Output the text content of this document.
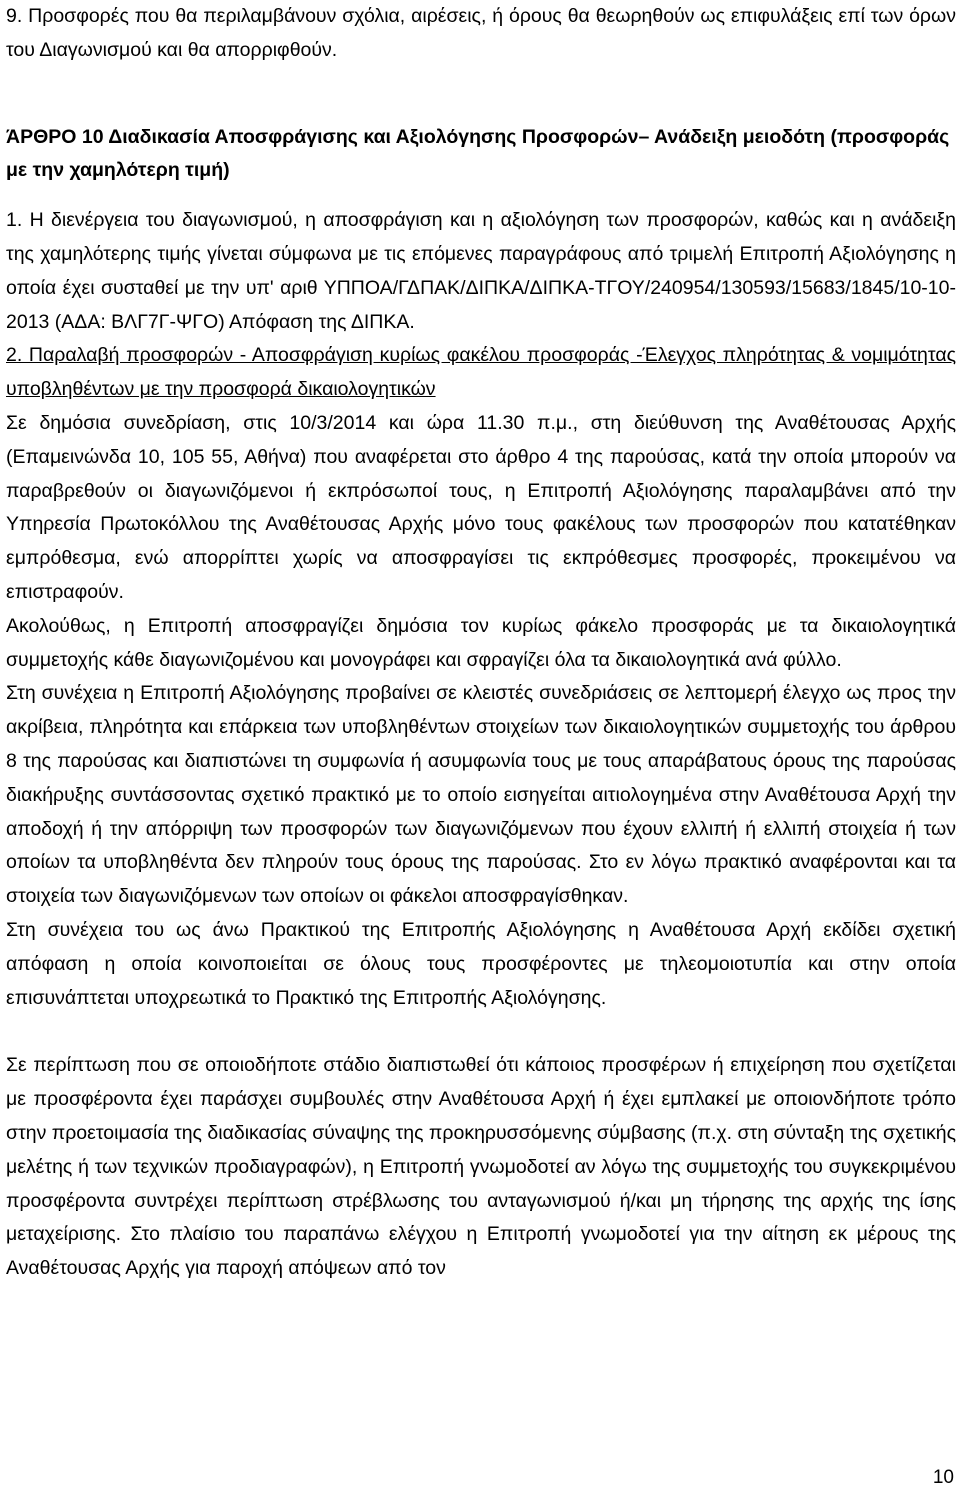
9. Προσφορές που θα περιλαμβάνουν σχόλια, αιρέσεις, ή όρους θα θεωρηθούν ως επιφυλάξεις επί των όρων του Διαγωνισμού και θα απορριφθούν.

ΆΡΘΡΟ 10 Διαδικασία Αποσφράγισης και Αξιολόγησης Προσφορών– Ανάδειξη μειοδότη (προσφοράς με την χαμηλότερη τιμή)

1. Η διενέργεια του διαγωνισμού, η αποσφράγιση και η αξιολόγηση των προσφορών, καθώς και η ανάδειξη της χαμηλότερης τιμής γίνεται σύμφωνα με τις επόμενες παραγράφους από τριμελή Επιτροπή Αξιολόγησης η οποία έχει συσταθεί με την υπ' αριθ ΥΠΠΟΑ/ΓΔΠΑΚ/ΔΙΠΚΑ/ΔΙΠΚΑ-ΤΓΟΥ/240954/130593/15683/1845/10-10-2013 (ΑΔΑ: ΒΛΓ7Γ-ΨΓΟ) Απόφαση της ΔΙΠΚΑ.

2. Παραλαβή προσφορών - Αποσφράγιση κυρίως φακέλου προσφοράς -Έλεγχος πληρότητας & νομιμότητας υποβληθέντων με την προσφορά δικαιολογητικών

Σε δημόσια συνεδρίαση, στις 10/3/2014 και ώρα 11.30 π.μ., στη διεύθυνση της Αναθέτουσας Αρχής (Επαμεινώνδα 10, 105 55, Αθήνα) που αναφέρεται στο άρθρο 4 της παρούσας, κατά την οποία μπορούν να παραβρεθούν οι διαγωνιζόμενοι ή εκπρόσωποί τους, η Επιτροπή Αξιολόγησης παραλαμβάνει από την Υπηρεσία Πρωτοκόλλου της Αναθέτουσας Αρχής μόνο τους φακέλους των προσφορών που κατατέθηκαν εμπρόθεσμα, ενώ απορρίπτει χωρίς να αποσφραγίσει τις εκπρόθεσμες προσφορές, προκειμένου να επιστραφούν.

Ακολούθως, η Επιτροπή αποσφραγίζει δημόσια τον κυρίως φάκελο προσφοράς με τα δικαιολογητικά συμμετοχής κάθε διαγωνιζομένου και μονογράφει και σφραγίζει όλα τα δικαιολογητικά ανά φύλλο.

Στη συνέχεια η Επιτροπή Αξιολόγησης προβαίνει σε κλειστές συνεδριάσεις σε λεπτομερή έλεγχο ως προς την ακρίβεια, πληρότητα και επάρκεια των υποβληθέντων στοιχείων των δικαιολογητικών συμμετοχής του άρθρου 8 της παρούσας και διαπιστώνει τη συμφωνία ή ασυμφωνία τους με τους απαράβατους όρους της παρούσας διακήρυξης συντάσσοντας σχετικό πρακτικό με το οποίο εισηγείται αιτιολογημένα στην Αναθέτουσα Αρχή την αποδοχή ή την απόρριψη των προσφορών των διαγωνιζόμενων που έχουν ελλιπή ή ελλιπή στοιχεία ή των οποίων τα υποβληθέντα δεν πληρούν τους όρους της παρούσας. Στο εν λόγω πρακτικό αναφέρονται και τα στοιχεία των διαγωνιζόμενων των οποίων οι φάκελοι αποσφραγίσθηκαν.

Στη συνέχεια του ως άνω Πρακτικού της Επιτροπής Αξιολόγησης η Αναθέτουσα Αρχή εκδίδει σχετική απόφαση η οποία κοινοποιείται σε όλους τους προσφέροντες με τηλεομοιοτυπία και στην οποία επισυνάπτεται υποχρεωτικά το Πρακτικό της Επιτροπής Αξιολόγησης.

Σε περίπτωση που σε οποιοδήποτε στάδιο διαπιστωθεί ότι κάποιος προσφέρων ή επιχείρηση που σχετίζεται με προσφέροντα έχει παράσχει συμβουλές στην Αναθέτουσα Αρχή ή έχει εμπλακεί με οποιονδήποτε τρόπο στην προετοιμασία της διαδικασίας σύναψης της προκηρυσσόμενης σύμβασης (π.χ. στη σύνταξη της σχετικής μελέτης ή των τεχνικών προδιαγραφών), η Επιτροπή γνωμοδοτεί αν λόγω της συμμετοχής του συγκεκριμένου προσφέροντα συντρέχει περίπτωση στρέβλωσης του ανταγωνισμού ή/και μη τήρησης της αρχής της ίσης μεταχείρισης. Στο πλαίσιο του παραπάνω ελέγχου η Επιτροπή γνωμοδοτεί για την αίτηση εκ μέρους της Αναθέτουσας Αρχής για παροχή απόψεων από τον

10
